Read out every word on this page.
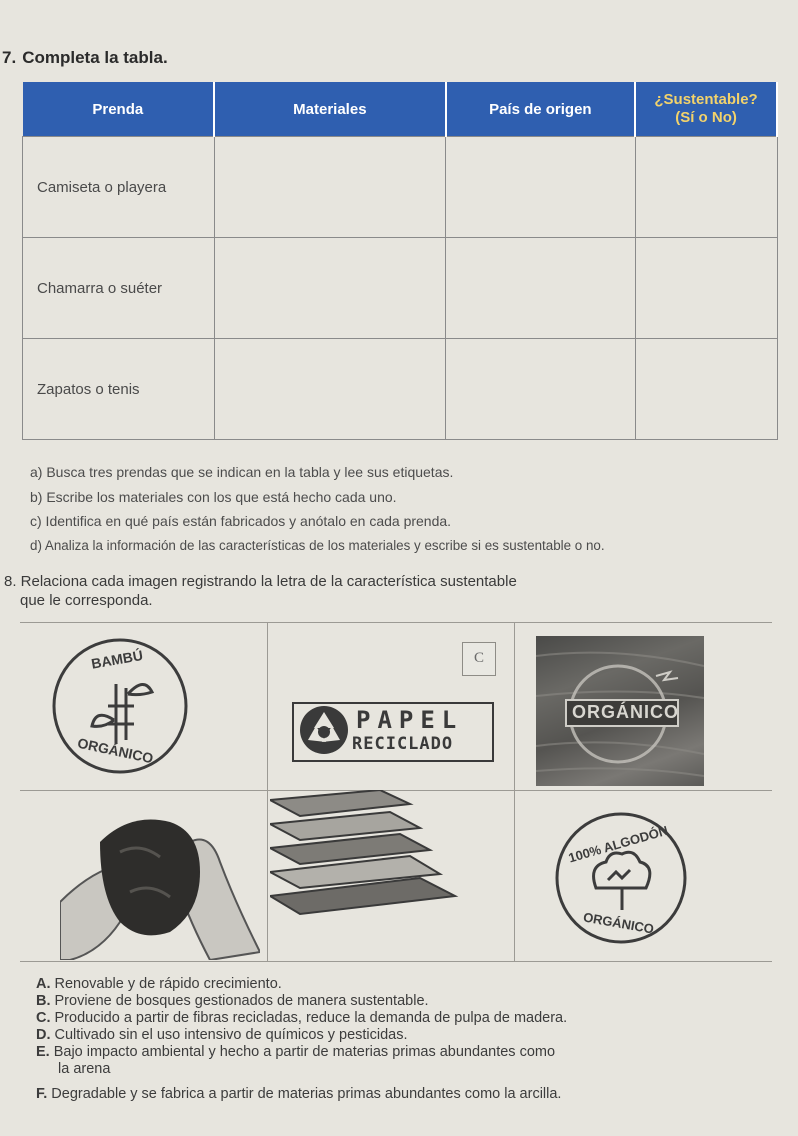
7. Completa la tabla.
Prenda	Materiales	País de origen	¿Sustentable?
(Sí o No)

Camiseta o playera			
Chamarra o suéter			
Zapatos o tenis			
a) Busca tres prendas que se indican en la tabla y lee sus etiquetas.
b) Escribe los materiales con los que está hecho cada uno.
c) Identifica en qué país están fabricados y anótalo en cada prenda.
d) Analiza la información de las características de los materiales y escribe si es sustentable o no.
8. Relaciona cada imagen registrando la letra de la característica sustentable
que le corresponda.
BAMBÚ
ORGÁNICO
C
PAPEL
RECICLADO
ORGÁNICO
100% ALGODÓN
ORGÁNICO
A. Renovable y de rápido crecimiento.
B. Proviene de bosques gestionados de manera sustentable.
C. Producido a partir de fibras recicladas, reduce la demanda de pulpa de madera.
D. Cultivado sin el uso intensivo de químicos y pesticidas.
E. Bajo impacto ambiental y hecho a partir de materias primas abundantes como
la arena
F. Degradable y se fabrica a partir de materias primas abundantes como la arcilla.
